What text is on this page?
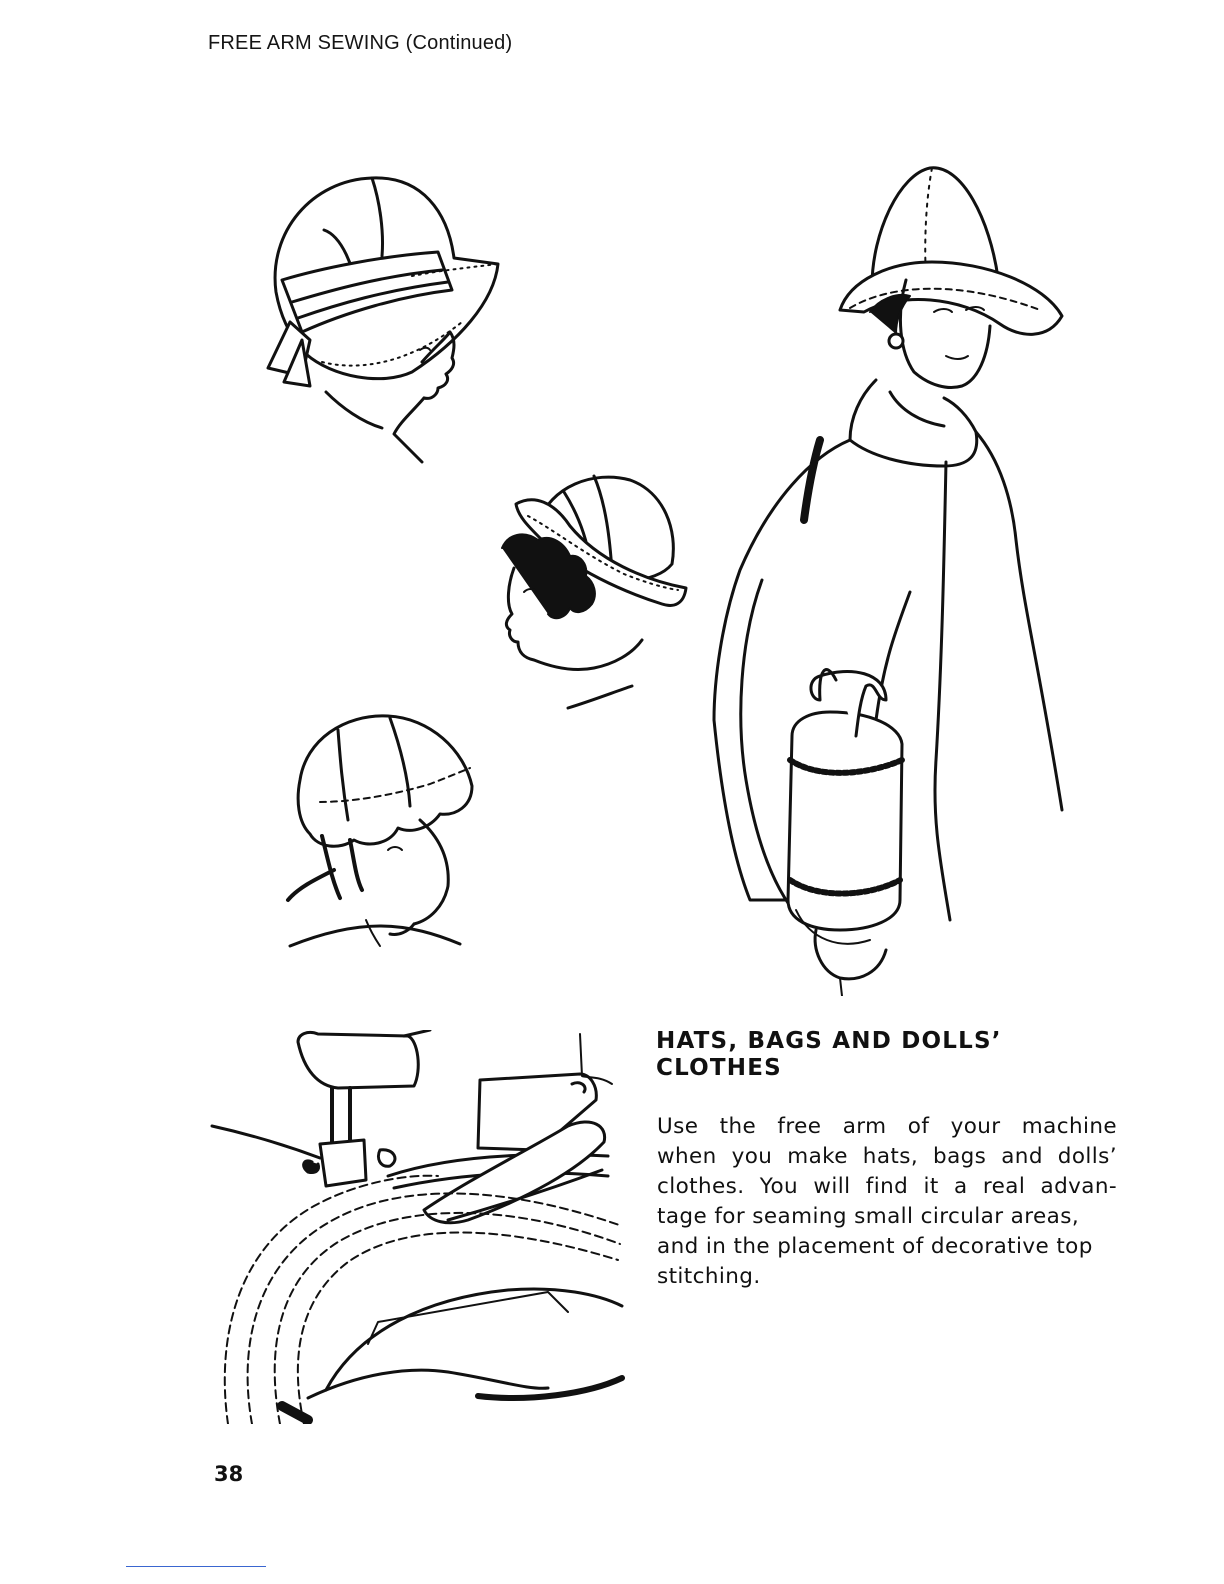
FREE ARM SEWING (Continued)
HATS, BAGS AND DOLLS’
CLOTHES

Use the free arm of your machine
when you make hats, bags and dolls’
clothes. You will find it a real advan-
tage for seaming small circular areas,
and in the placement of decorative top
stitching.

38
